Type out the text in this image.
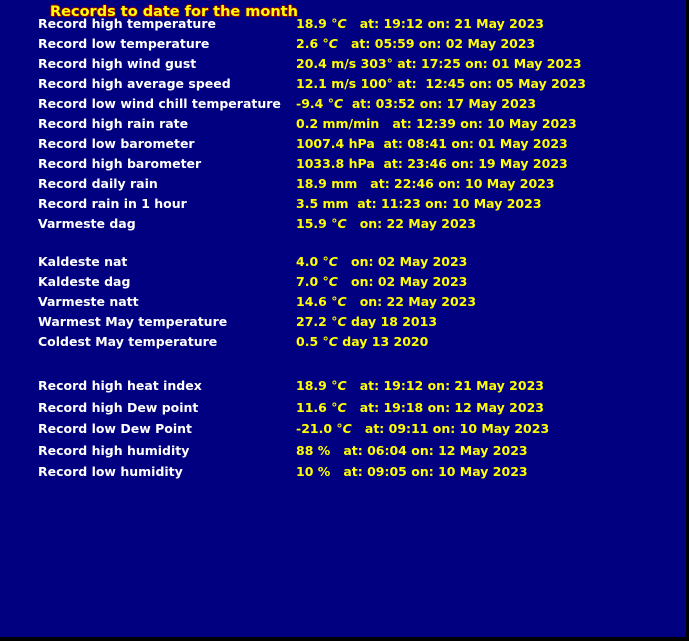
Records to date for the month
Record high temperature	18.9 °C   at: 19:12 on: 21 May 2023
Record low temperature	2.6 °C   at: 05:59 on: 02 May 2023
Record high wind gust	20.4 m/s 303° at: 17:25 on: 01 May 2023
Record high average speed	12.1 m/s 100° at:  12:45 on: 05 May 2023
Record low wind chill temperature -9.4 °C  at: 03:52 on: 17 May 2023
Record high rain rate	0.2 mm/min   at: 12:39 on: 10 May 2023
Record low barometer	1007.4 hPa  at: 08:41 on: 01 May 2023
Record high barometer	1033.8 hPa  at: 23:46 on: 19 May 2023
Record daily rain	18.9 mm   at: 22:46 on: 10 May 2023
Record rain in 1 hour	3.5 mm  at: 11:23 on: 10 May 2023
Varmeste dag	15.9 °C   on: 22 May 2023
Kaldeste nat	4.0 °C   on: 02 May 2023
Kaldeste dag	7.0 °C   on: 02 May 2023
Varmeste natt	14.6 °C   on: 22 May 2023
Warmest May temperature	27.2 °C day 18 2013
Coldest May temperature	0.5 °C day 13 2020
Record high heat index	18.9 °C   at: 19:12 on: 21 May 2023
Record high Dew point	11.6 °C   at: 19:18 on: 12 May 2023
Record low Dew Point	-21.0 °C   at: 09:11 on: 10 May 2023
Record high humidity	88 %   at: 06:04 on: 12 May 2023
Record low humidity	10 %   at: 09:05 on: 10 May 2023
